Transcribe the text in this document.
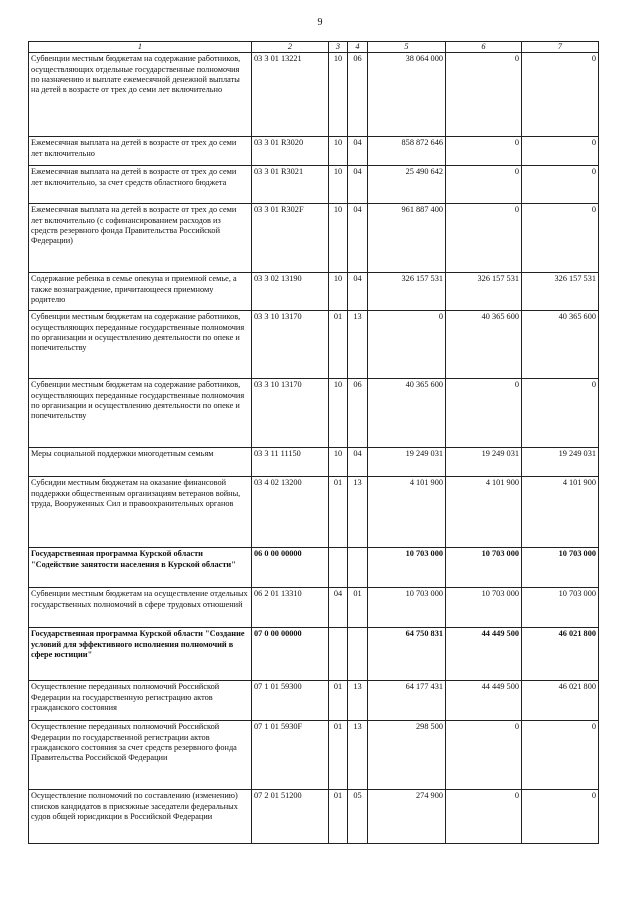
9
1	2	3	4	5	6	7
Субвенции местным бюджетам на содержание работников, осуществляющих отдельные государственные полномочия по назначению и выплате ежемесячной денежной выплаты на детей в возрасте от трех до семи лет включительно	03 3 01 13221	10	06	38 064 000	0	0
Ежемесячная выплата на детей в возрасте от трех до семи лет включительно	03 3 01 R3020	10	04	858 872 646	0	0
Ежемесячная выплата на детей в возрасте от трех до семи лет включительно, за счет средств областного бюджета	03 3 01 R3021	10	04	25 490 642	0	0
Ежемесячная выплата на детей в возрасте от трех до семи лет включительно (с софинансированием расходов из средств резервного фонда Правительства Российской Федерации)	03 3 01 R302F	10	04	961 887 400	0	0
Содержание ребенка в семье опекуна и приемной семье, а также вознаграждение, причитающееся приемному родителю	03 3 02 13190	10	04	326 157 531	326 157 531	326 157 531
Субвенции местным бюджетам на содержание работников, осуществляющих переданные государственные полномочия по организации и осуществлению деятельности по опеке и попечительству	03 3 10 13170	01	13	0	40 365 600	40 365 600
Субвенции местным бюджетам на содержание работников, осуществляющих переданные государственные полномочия по организации и осуществлению деятельности по опеке и попечительству	03 3 10 13170	10	06	40 365 600	0	0
Меры социальной поддержки многодетным семьям	03 3 11 11150	10	04	19 249 031	19 249 031	19 249 031
Субсидии местным бюджетам на оказание финансовой поддержки общественным организациям ветеранов войны, труда, Вооруженных Сил и правоохранительных органов	03 4 02 13200	01	13	4 101 900	4 101 900	4 101 900
Государственная программа Курской области "Содействие занятости населения в Курской области"	06 0 00 00000			10 703 000	10 703 000	10 703 000
Субвенции местным бюджетам на осуществление отдельных государственных полномочий в сфере трудовых отношений	06 2 01 13310	04	01	10 703 000	10 703 000	10 703 000
Государственная программа Курской области "Создание условий для эффективного исполнения полномочий в сфере юстиции"	07 0 00 00000			64 750 831	44 449 500	46 021 800
Осуществление переданных полномочий Российской Федерации на государственную регистрацию актов гражданского состояния	07 1 01 59300	01	13	64 177 431	44 449 500	46 021 800
Осуществление переданных полномочий Российской Федерации по государственной регистрации актов гражданского состояния за счет средств резервного фонда Правительства Российской Федерации	07 1 01 5930F	01	13	298 500	0	0
Осуществление полномочий по составлению (изменению) списков кандидатов в присяжные заседатели федеральных судов общей юрисдикции в Российской Федерации	07 2 01 51200	01	05	274 900	0	0
